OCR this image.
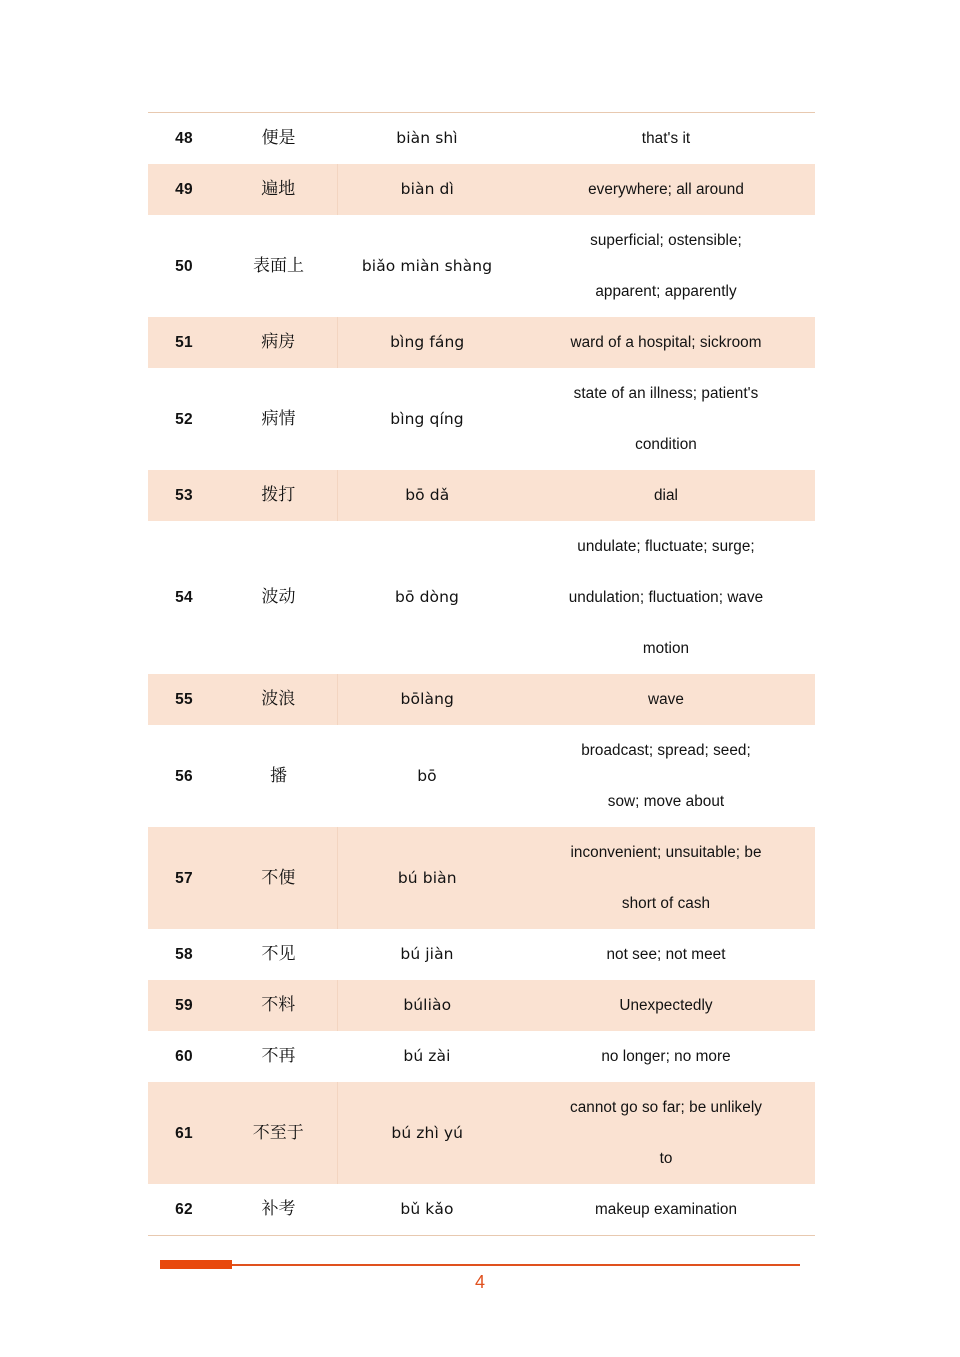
48	便是	biàn shì	that's it

49	遍地	biàn dì	everywhere; all around

50	表面上	biǎo miàn shàng	superficial; ostensible;
apparent; apparently

51	病房	bìng fáng	ward of a hospital; sickroom

52	病情	bìng qíng	state of an illness; patient's
condition

53	拨打	bō dǎ	dial

54	波动	bō dòng	undulate; fluctuate; surge;
undulation; fluctuation; wave
motion

55	波浪	bōlàng	wave

56	播	bō	broadcast; spread; seed;
sow; move about

57	不便	bú biàn	inconvenient; unsuitable; be
short of cash

58	不见	bú jiàn	not see; not meet

59	不料	búliào	Unexpectedly

60	不再	bú zài	no longer; no more

61	不至于	bú zhì yú	cannot go so far; be unlikely
to

62	补考	bǔ kǎo	makeup examination
4
